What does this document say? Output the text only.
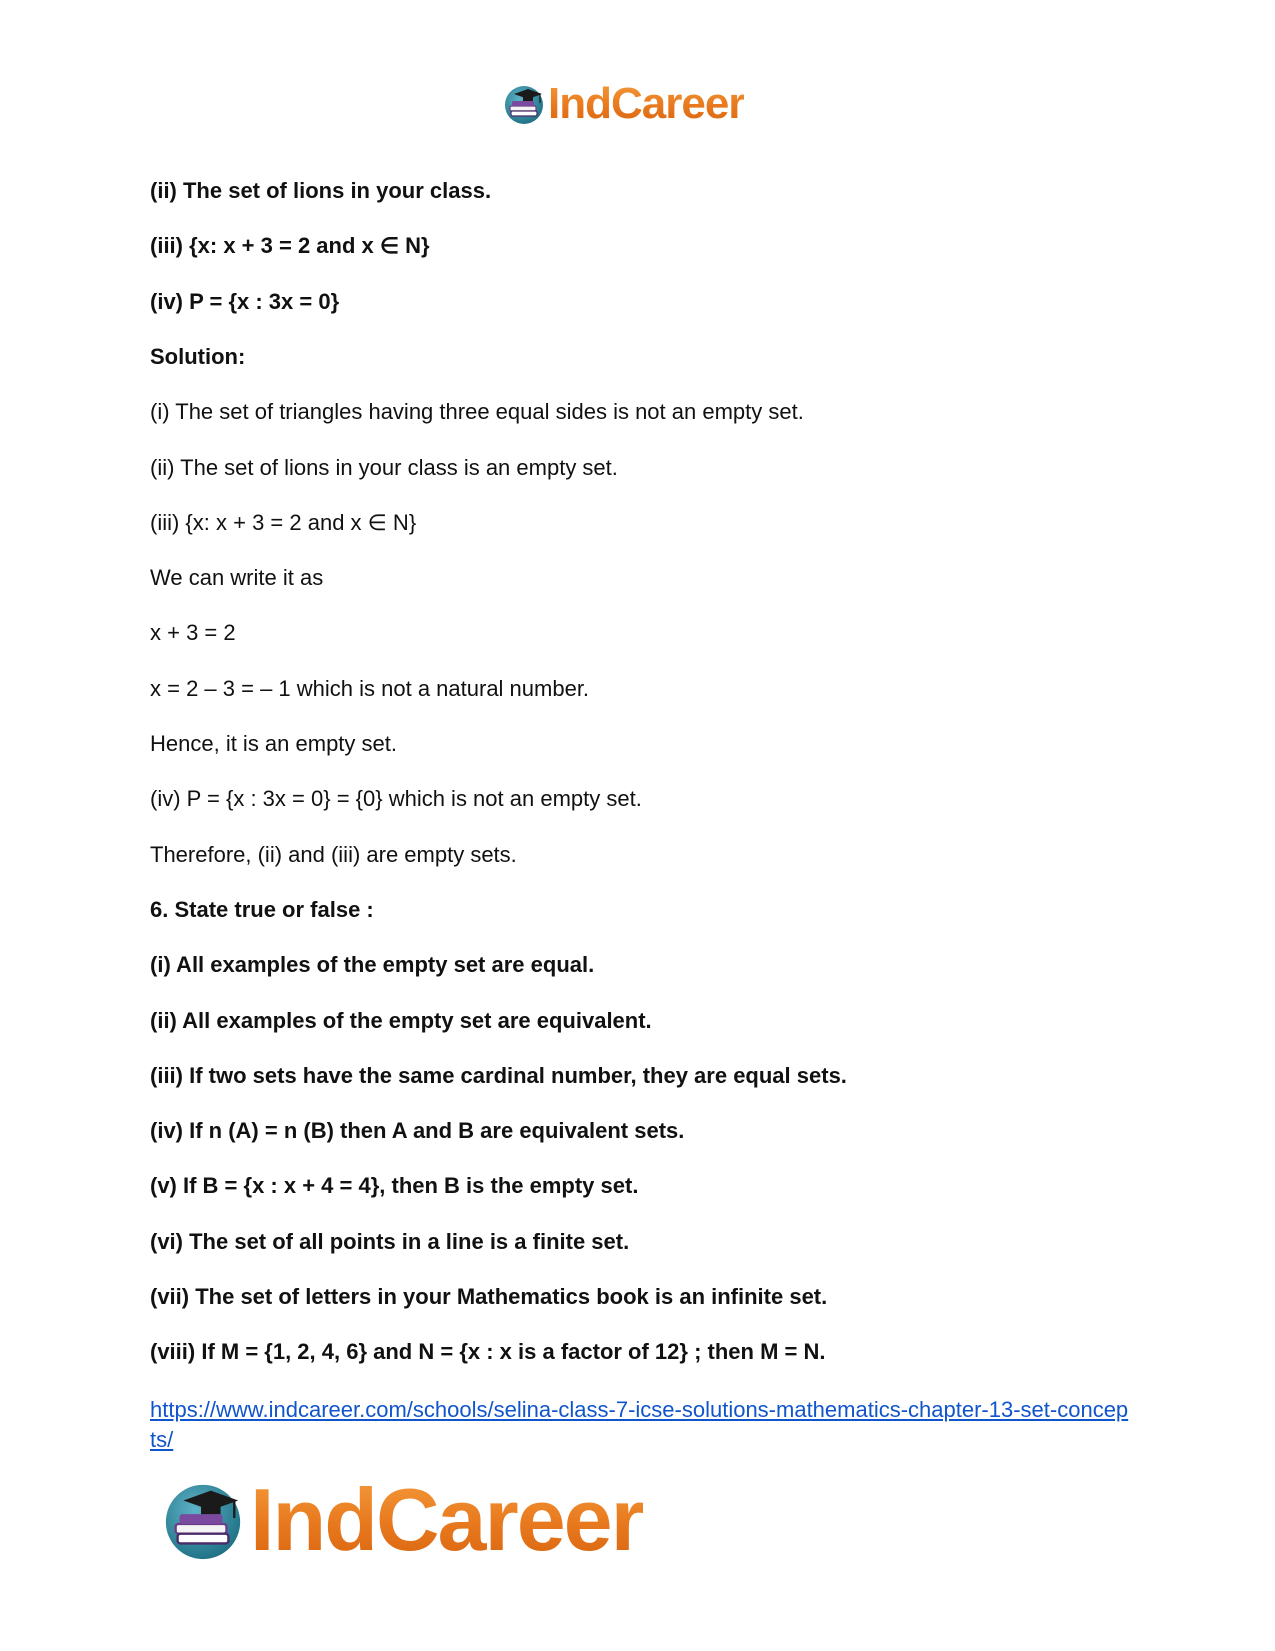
IndCareer
(ii) The set of lions in your class.
(iii) {x: x + 3 = 2 and x ∈ N}
(iv) P = {x : 3x = 0}
Solution:
(i) The set of triangles having three equal sides is not an empty set.
(ii) The set of lions in your class is an empty set.
(iii) {x: x + 3 = 2 and x ∈ N}
We can write it as
x + 3 = 2
x = 2 – 3 = – 1 which is not a natural number.
Hence, it is an empty set.
(iv) P = {x : 3x = 0} = {0} which is not an empty set.
Therefore, (ii) and (iii) are empty sets.
6. State true or false :
(i) All examples of the empty set are equal.
(ii) All examples of the empty set are equivalent.
(iii) If two sets have the same cardinal number, they are equal sets.
(iv) If n (A) = n (B) then A and B are equivalent sets.
(v) If B = {x : x + 4 = 4}, then B is the empty set.
(vi) The set of all points in a line is a finite set.
(vii) The set of letters in your Mathematics book is an infinite set.
(viii) If M = {1, 2, 4, 6} and N = {x : x is a factor of 12} ; then M = N.
https://www.indcareer.com/schools/selina-class-7-icse-solutions-mathematics-chapter-13-set-concepts/
IndCareer
